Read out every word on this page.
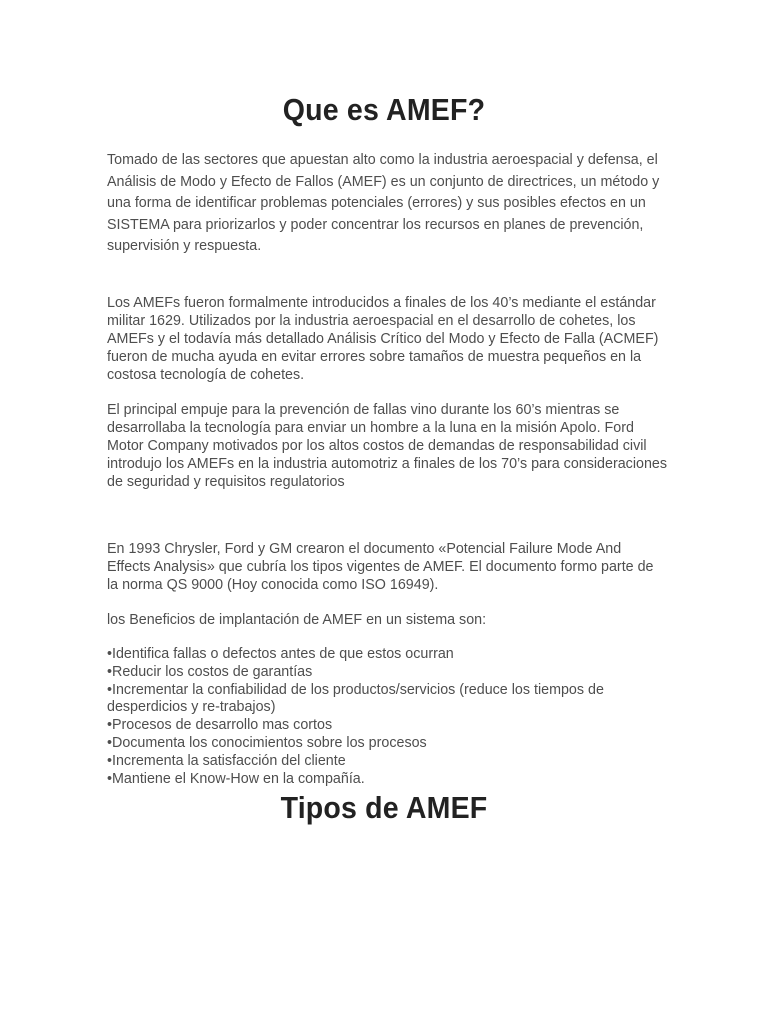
Que es AMEF?

Tomado de las sectores que apuestan alto como la industria aeroespacial y defensa, el Análisis de Modo y Efecto de Fallos (AMEF) es un conjunto de directrices, un método y una forma de identificar problemas potenciales (errores) y sus posibles efectos en un SISTEMA para priorizarlos y poder concentrar los recursos en planes de prevención, supervisión y respuesta.

Los AMEFs fueron formalmente introducidos a finales de los 40’s mediante el estándar militar 1629. Utilizados por la industria aeroespacial en el desarrollo de cohetes, los AMEFs y el todavía más detallado Análisis Crítico del Modo y Efecto de Falla (ACMEF) fueron de mucha ayuda en evitar errores sobre tamaños de muestra pequeños en la costosa tecnología de cohetes.

El principal empuje para la prevención de fallas vino durante los 60’s mientras se desarrollaba la tecnología para enviar un hombre a la luna en la misión Apolo. Ford Motor Company motivados por los altos costos de demandas de responsabilidad civil introdujo los AMEFs en la industria automotriz a finales de los 70’s para consideraciones de seguridad y requisitos regulatorios

En 1993 Chrysler, Ford y GM crearon el documento «Potencial Failure Mode And Effects Analysis» que cubría los tipos vigentes de AMEF. El documento formo parte de la norma QS 9000 (Hoy conocida como ISO 16949).

los Beneficios de implantación de AMEF en un sistema son:

•Identifica fallas o defectos antes de que estos ocurran
•Reducir los costos de garantías
•Incrementar la confiabilidad de los productos/servicios (reduce los tiempos de desperdicios y re-trabajos)
•Procesos de desarrollo mas cortos
•Documenta los conocimientos sobre los procesos
•Incrementa la satisfacción del cliente
•Mantiene el Know-How en la compañía.
Tipos de AMEF
